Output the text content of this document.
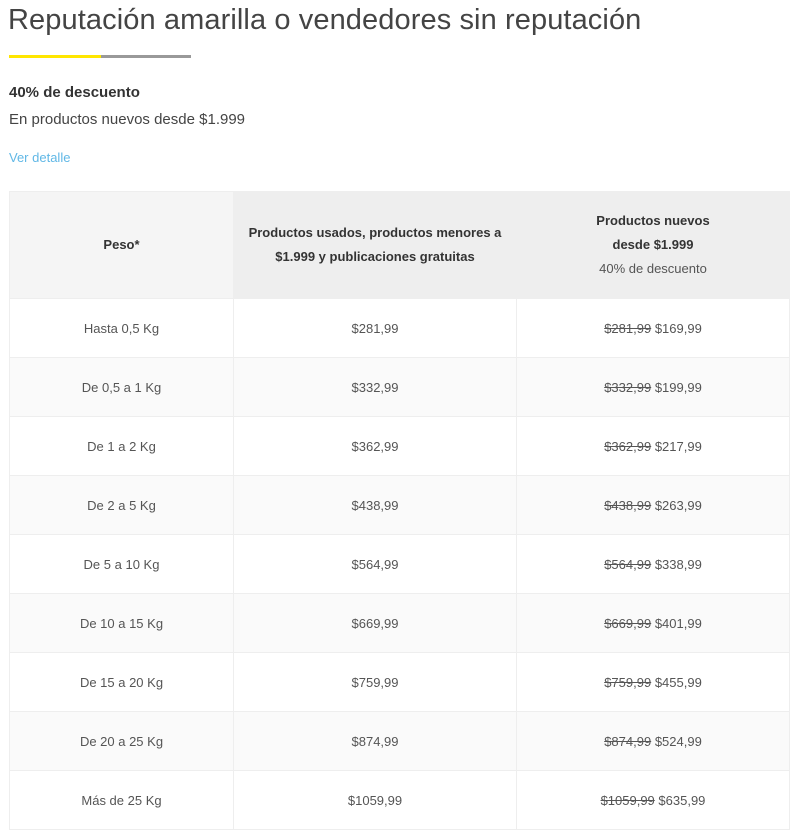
Reputación amarilla o vendedores sin reputación
40% de descuento
En productos nuevos desde $1.999
Ver detalle
Peso*	Productos usados, productos menores a $1.999 y publicaciones gratuitas	Productos nuevos
desde $1.999
40% de descuento

Hasta 0,5 Kg	$281,99	$281,99 $169,99
De 0,5 a 1 Kg	$332,99	$332,99 $199,99
De 1 a 2 Kg	$362,99	$362,99 $217,99
De 2 a 5 Kg	$438,99	$438,99 $263,99
De 5 a 10 Kg	$564,99	$564,99 $338,99
De 10 a 15 Kg	$669,99	$669,99 $401,99
De 15 a 20 Kg	$759,99	$759,99 $455,99
De 20 a 25 Kg	$874,99	$874,99 $524,99
Más de 25 Kg	$1059,99	$1059,99 $635,99
